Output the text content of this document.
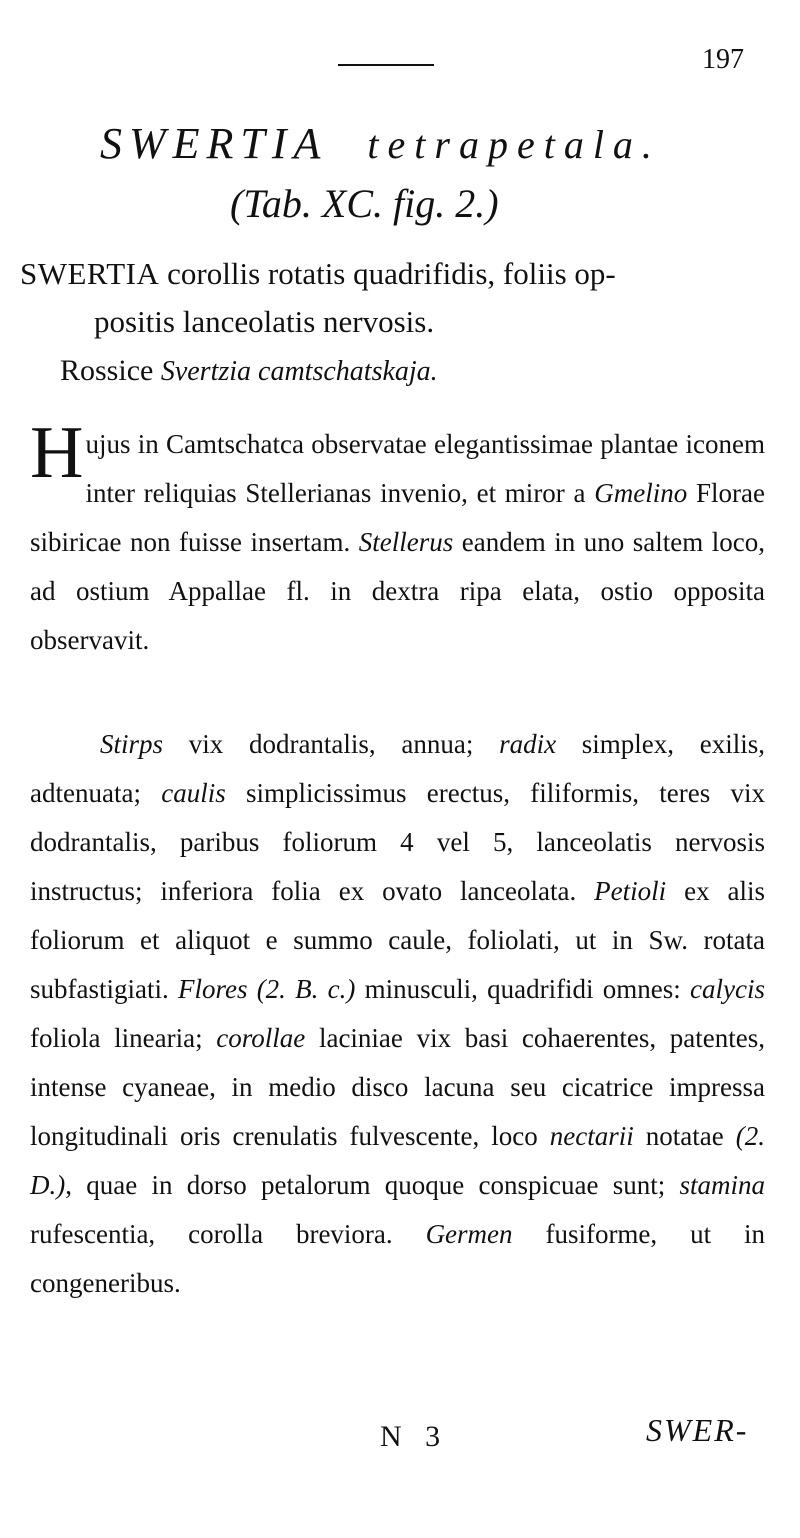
197
SWERTIA tetrapetala.
(Tab. XC. fig. 2.)
SWERTIA corollis rotatis quadrifidis, foliis op-
positis lanceolatis nervosis.
Rossice Svertzia camtschatskaja.
Hujus in Camtschatca observatae elegantissimae plantae iconem inter reliquias Stellerianas invenio, et miror a Gmelino Florae sibiricae non fuisse insertam. Stellerus eandem in uno saltem loco, ad ostium Appallae fl. in dextra ripa elata, ostio opposita observavit.
Stirps vix dodrantalis, annua; radix simplex, exilis, adtenuata; caulis simplicissimus erectus, filiformis, teres vix dodrantalis, paribus foliorum 4 vel 5, lanceolatis nervosis instructus; inferiora folia ex ovato lanceolata. Petioli ex alis foliorum et aliquot e summo caule, foliolati, ut in Sw. rotata subfastigiati. Flores (2. B. c.) minusculi, quadrifidi omnes: calycis foliola linearia; corollae laciniae vix basi cohaerentes, patentes, intense cyaneae, in medio disco lacuna seu cicatrice impressa longitudinali oris crenulatis fulvescente, loco nectarii notatae (2. D.), quae in dorso petalorum quoque conspicuae sunt; stamina rufescentia, corolla breviora. Germen fusiforme, ut in congeneribus.
N 3	SWER-
